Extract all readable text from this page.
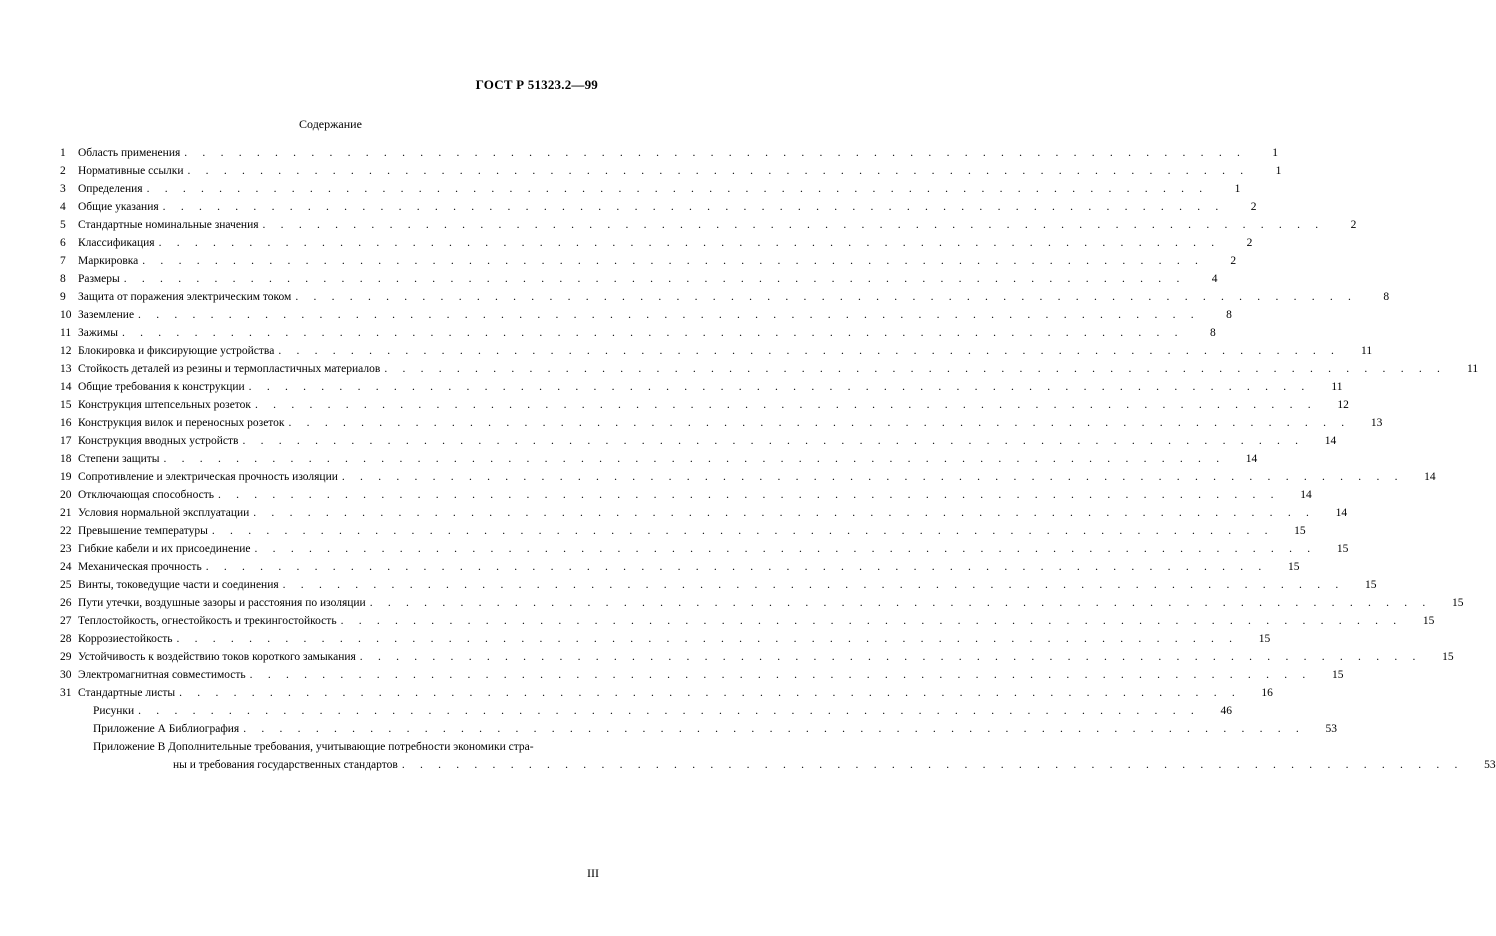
ГОСТ Р 51323.2—99
Содержание
1	Область применения . . . . . . . . . . . . . . . . . . . . . . . . . . . . . . . . . . . . . . . . . . . . . . . . . . . . . . . . . . .	1
2	Нормативные ссылки . . . . . . . . . . . . . . . . . . . . . . . . . . . . . . . . . . . . . . . . . . . . . . . . . . . . . . . . . . .	1
3	Определения . . . . . . . . . . . . . . . . . . . . . . . . . . . . . . . . . . . . . . . . . . . . . . . . . . . . . . . . . . .	1
4	Общие указания . . . . . . . . . . . . . . . . . . . . . . . . . . . . . . . . . . . . . . . . . . . . . . . . . . . . . . . . . . .	2
5	Стандартные номинальные значения . . . . . . . . . . . . . . . . . . . . . . . . . . . . . . . . . . . . . . . . . . . . . . . . . . . . . . . . . . .	2
6	Классификация . . . . . . . . . . . . . . . . . . . . . . . . . . . . . . . . . . . . . . . . . . . . . . . . . . . . . . . . . . .	2
7	Маркировка . . . . . . . . . . . . . . . . . . . . . . . . . . . . . . . . . . . . . . . . . . . . . . . . . . . . . . . . . . .	2
8	Размеры . . . . . . . . . . . . . . . . . . . . . . . . . . . . . . . . . . . . . . . . . . . . . . . . . . . . . . . . . . .	4
9	Защита от поражения электрическим током . . . . . . . . . . . . . . . . . . . . . . . . . . . . . . . . . . . . . . . . . . . . . . . . . . . . . . . . . . .	8
10 Заземление . . . . . . . . . . . . . . . . . . . . . . . . . . . . . . . . . . . . . . . . . . . . . . . . . . . . . . . . . . .	8
11 Зажимы . . . . . . . . . . . . . . . . . . . . . . . . . . . . . . . . . . . . . . . . . . . . . . . . . . . . . . . . . . .	8
12 Блокировка и фиксирующие устройства . . . . . . . . . . . . . . . . . . . . . . . . . . . . . . . . . . . . . . . . . . . . . . . . . . . . . . . . . . .	11
13 Стойкость деталей из резины и термопластичных материалов . . . . . . . . . . . . . . . . . . . . . . . . . . . . . . . . . . . . . . . . . . . . . . . . . . . . . . . . . . .	11
14 Общие требования к конструкции . . . . . . . . . . . . . . . . . . . . . . . . . . . . . . . . . . . . . . . . . . . . . . . . . . . . . . . . . . .	11
15 Конструкция штепсельных розеток . . . . . . . . . . . . . . . . . . . . . . . . . . . . . . . . . . . . . . . . . . . . . . . . . . . . . . . . . . .	12
16 Конструкция вилок и переносных розеток . . . . . . . . . . . . . . . . . . . . . . . . . . . . . . . . . . . . . . . . . . . . . . . . . . . . . . . . . . .	13
17 Конструкция вводных устройств . . . . . . . . . . . . . . . . . . . . . . . . . . . . . . . . . . . . . . . . . . . . . . . . . . . . . . . . . . .	14
18 Степени защиты . . . . . . . . . . . . . . . . . . . . . . . . . . . . . . . . . . . . . . . . . . . . . . . . . . . . . . . . . . .	14
19 Сопротивление и электрическая прочность изоляции . . . . . . . . . . . . . . . . . . . . . . . . . . . . . . . . . . . . . . . . . . . . . . . . . . . . . . . . . . .	14
20 Отключающая способность . . . . . . . . . . . . . . . . . . . . . . . . . . . . . . . . . . . . . . . . . . . . . . . . . . . . . . . . . . .	14
21 Условия нормальной эксплуатации . . . . . . . . . . . . . . . . . . . . . . . . . . . . . . . . . . . . . . . . . . . . . . . . . . . . . . . . . . .	14
22 Превышение температуры . . . . . . . . . . . . . . . . . . . . . . . . . . . . . . . . . . . . . . . . . . . . . . . . . . . . . . . . . . .	15
23 Гибкие кабели и их присоединение . . . . . . . . . . . . . . . . . . . . . . . . . . . . . . . . . . . . . . . . . . . . . . . . . . . . . . . . . . .	15
24 Механическая прочность . . . . . . . . . . . . . . . . . . . . . . . . . . . . . . . . . . . . . . . . . . . . . . . . . . . . . . . . . . .	15
25 Винты, токоведущие части и соединения . . . . . . . . . . . . . . . . . . . . . . . . . . . . . . . . . . . . . . . . . . . . . . . . . . . . . . . . . . .	15
26 Пути утечки, воздушные зазоры и расстояния по изоляции . . . . . . . . . . . . . . . . . . . . . . . . . . . . . . . . . . . . . . . . . . . . . . . . . . . . . . . . . . .	15
27 Теплостойкость, огнестойкость и трекингостойкость . . . . . . . . . . . . . . . . . . . . . . . . . . . . . . . . . . . . . . . . . . . . . . . . . . . . . . . . . . .	15
28 Коррозиестойкость . . . . . . . . . . . . . . . . . . . . . . . . . . . . . . . . . . . . . . . . . . . . . . . . . . . . . . . . . . .	15
29 Устойчивость к воздействию токов короткого замыкания . . . . . . . . . . . . . . . . . . . . . . . . . . . . . . . . . . . . . . . . . . . . . . . . . . . . . . . . . . .	15
30 Электромагнитная совместимость . . . . . . . . . . . . . . . . . . . . . . . . . . . . . . . . . . . . . . . . . . . . . . . . . . . . . . . . . . .	15
31 Стандартные листы . . . . . . . . . . . . . . . . . . . . . . . . . . . . . . . . . . . . . . . . . . . . . . . . . . . . . . . . . . .	16
Рисунки . . . . . . . . . . . . . . . . . . . . . . . . . . . . . . . . . . . . . . . . . . . . . . . . . . . . . . . . . . .	46
Приложение А Библиография . . . . . . . . . . . . . . . . . . . . . . . . . . . . . . . . . . . . . . . . . . . . . . . . . . . . . . . . . . .	53
Приложение В Дополнительные требования, учитывающие потребности экономики стра-
ны и требования государственных стандартов . . . . . . . . . . . . . . . . . . . . . . . . . . . . . . . . . . . . . . . . . . . . . . . . . . . . . . . . . . .	53
III
